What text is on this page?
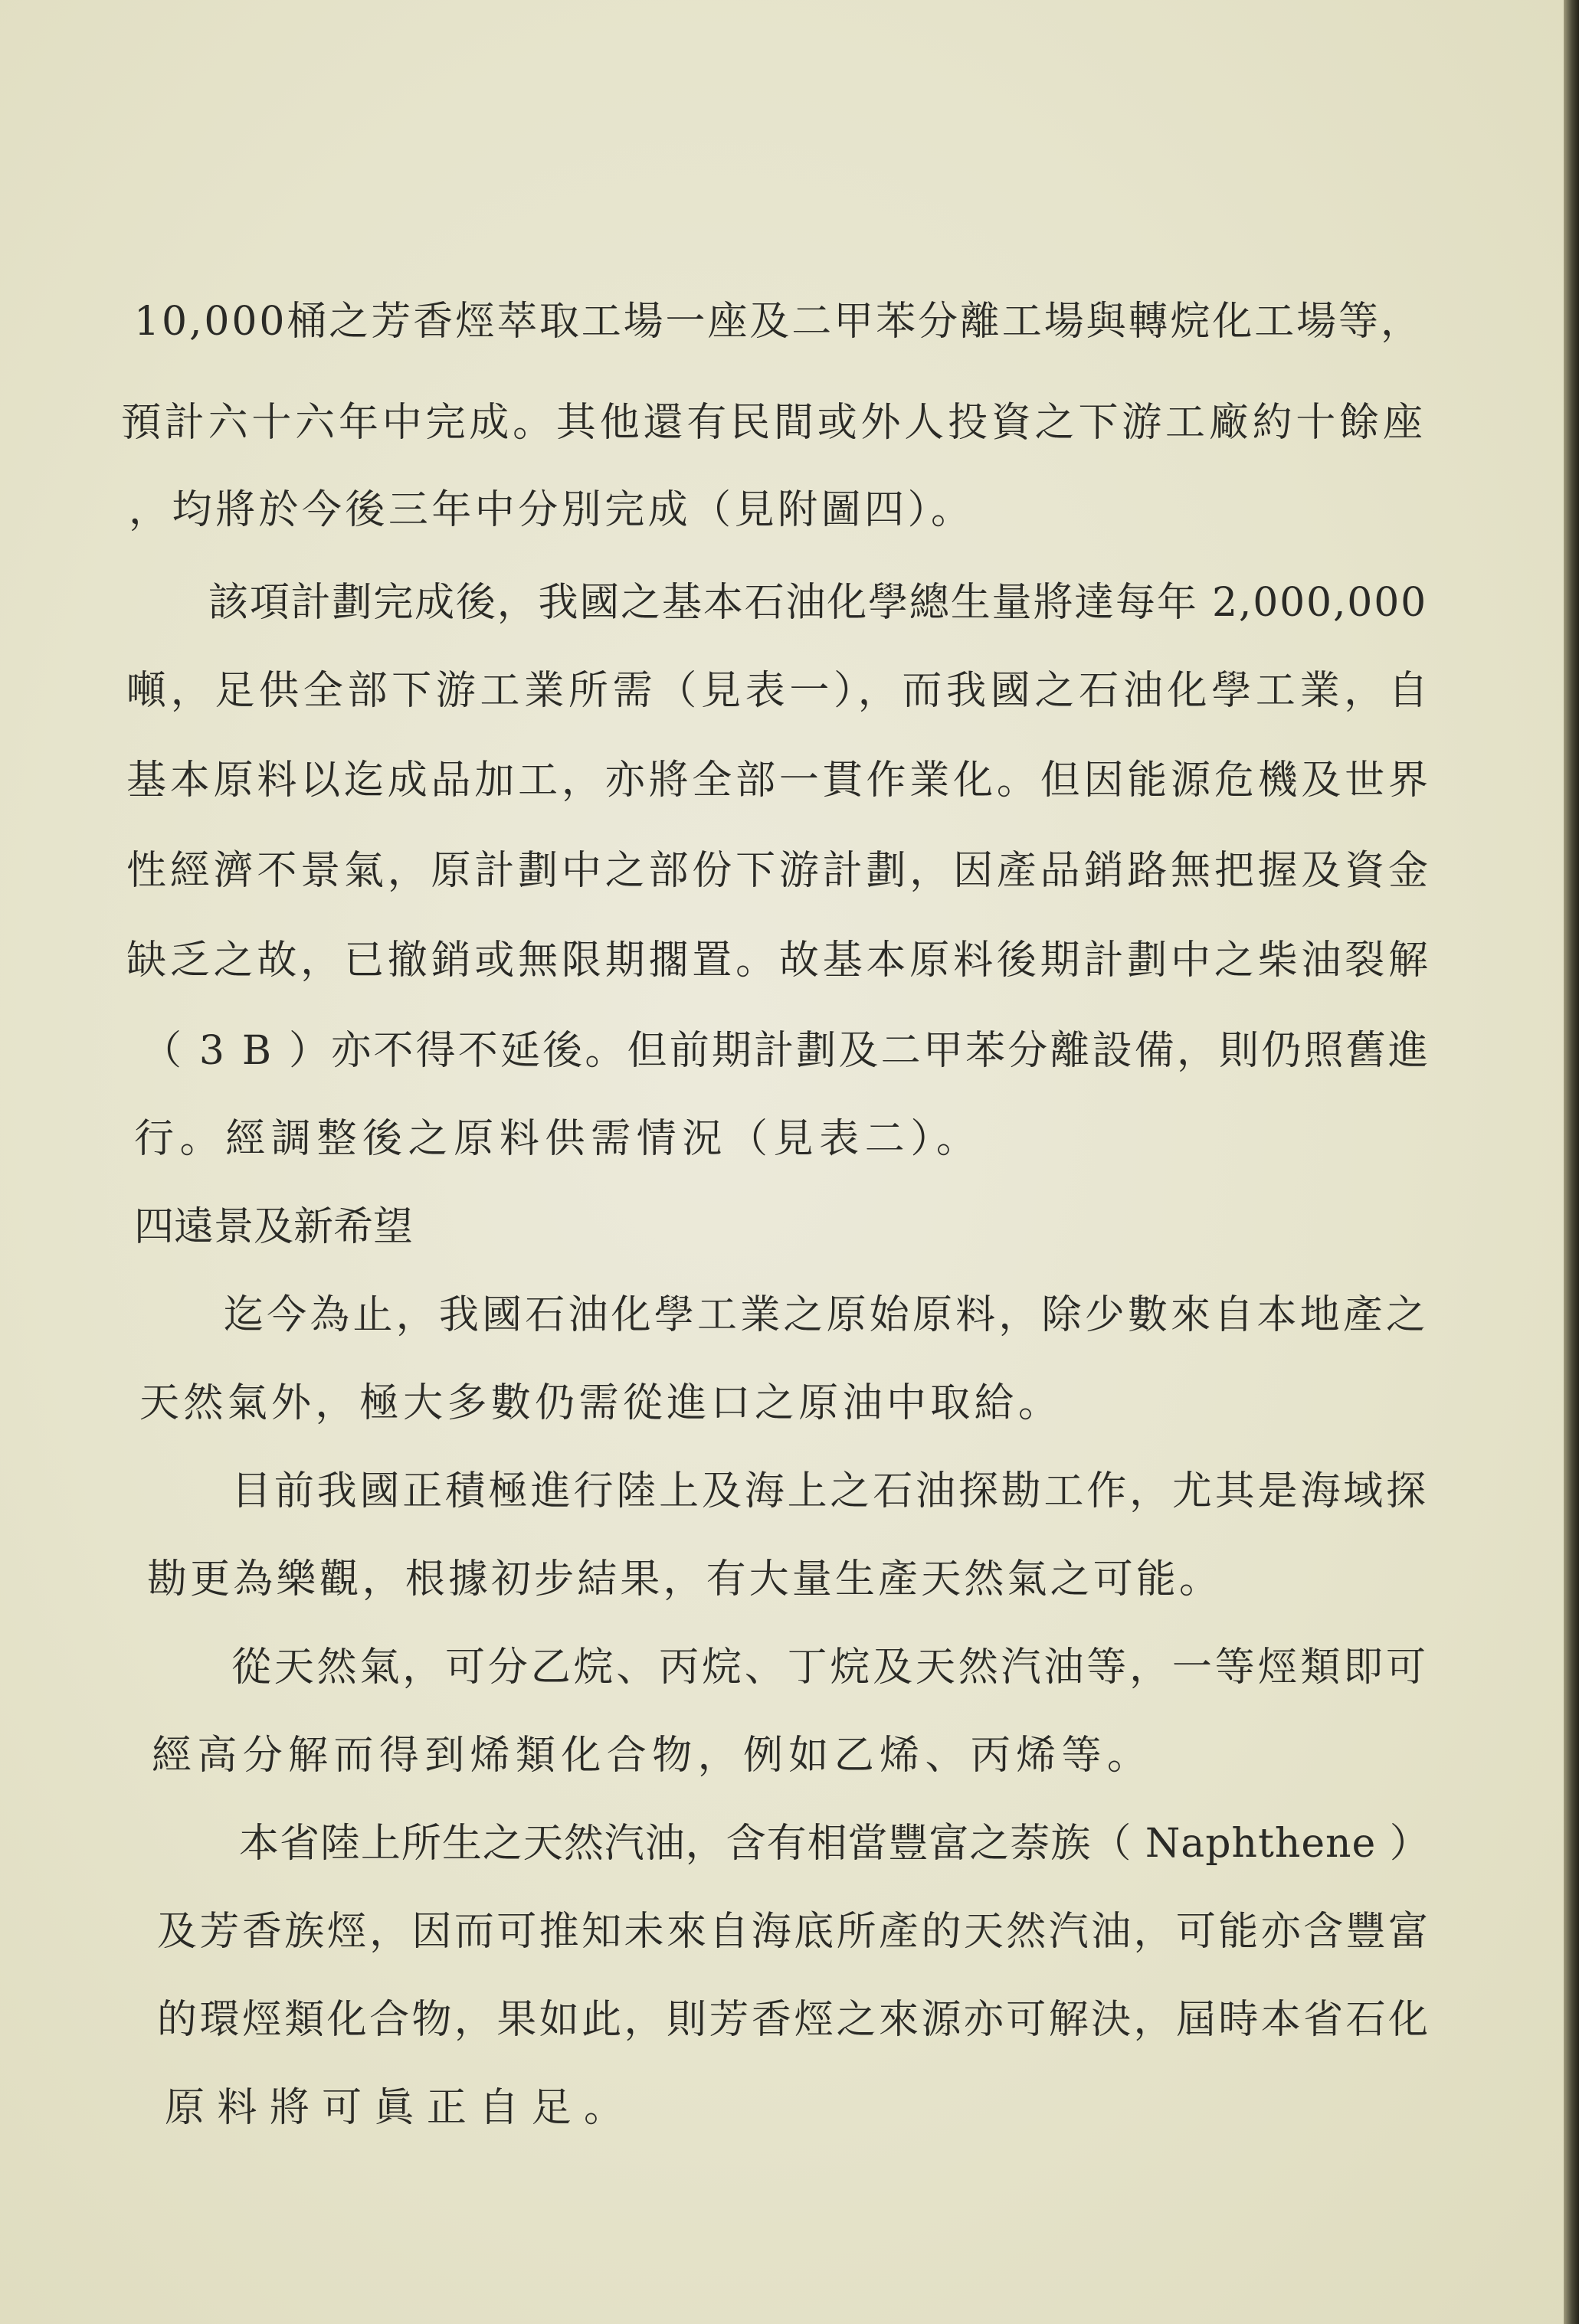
10,000桶之芳香烴萃取工場一座及二甲苯分離工場與轉烷化工場等，
預計六十六年中完成。其他還有民間或外人投資之下游工廠約十餘座
，均將於今後三年中分別完成（見附圖四）。
該項計劃完成後，我國之基本石油化學總生量將達每年 2,000,000
噸，足供全部下游工業所需（見表一），而我國之石油化學工業，自
基本原料以迄成品加工，亦將全部一貫作業化。但因能源危機及世界
性經濟不景氣，原計劃中之部份下游計劃，因產品銷路無把握及資金
缺乏之故，已撤銷或無限期擱置。故基本原料後期計劃中之柴油裂解
（ 3 B ）亦不得不延後。但前期計劃及二甲苯分離設備，則仍照舊進
行。經調整後之原料供需情況（見表二）。
四遠景及新希望
迄今為止，我國石油化學工業之原始原料，除少數來自本地產之
天然氣外，極大多數仍需從進口之原油中取給。
目前我國正積極進行陸上及海上之石油探勘工作，尤其是海域探
勘更為樂觀，根據初步結果，有大量生產天然氣之可能。
從天然氣，可分乙烷、丙烷、丁烷及天然汽油等，一等烴類即可
經高分解而得到烯類化合物，例如乙烯、丙烯等。
本省陸上所生之天然汽油，含有相當豐富之萘族（ Naphthene ）
及芳香族烴，因而可推知未來自海底所產的天然汽油，可能亦含豐富
的環烴類化合物，果如此，則芳香烴之來源亦可解決，屆時本省石化
原料將可眞正自足。
